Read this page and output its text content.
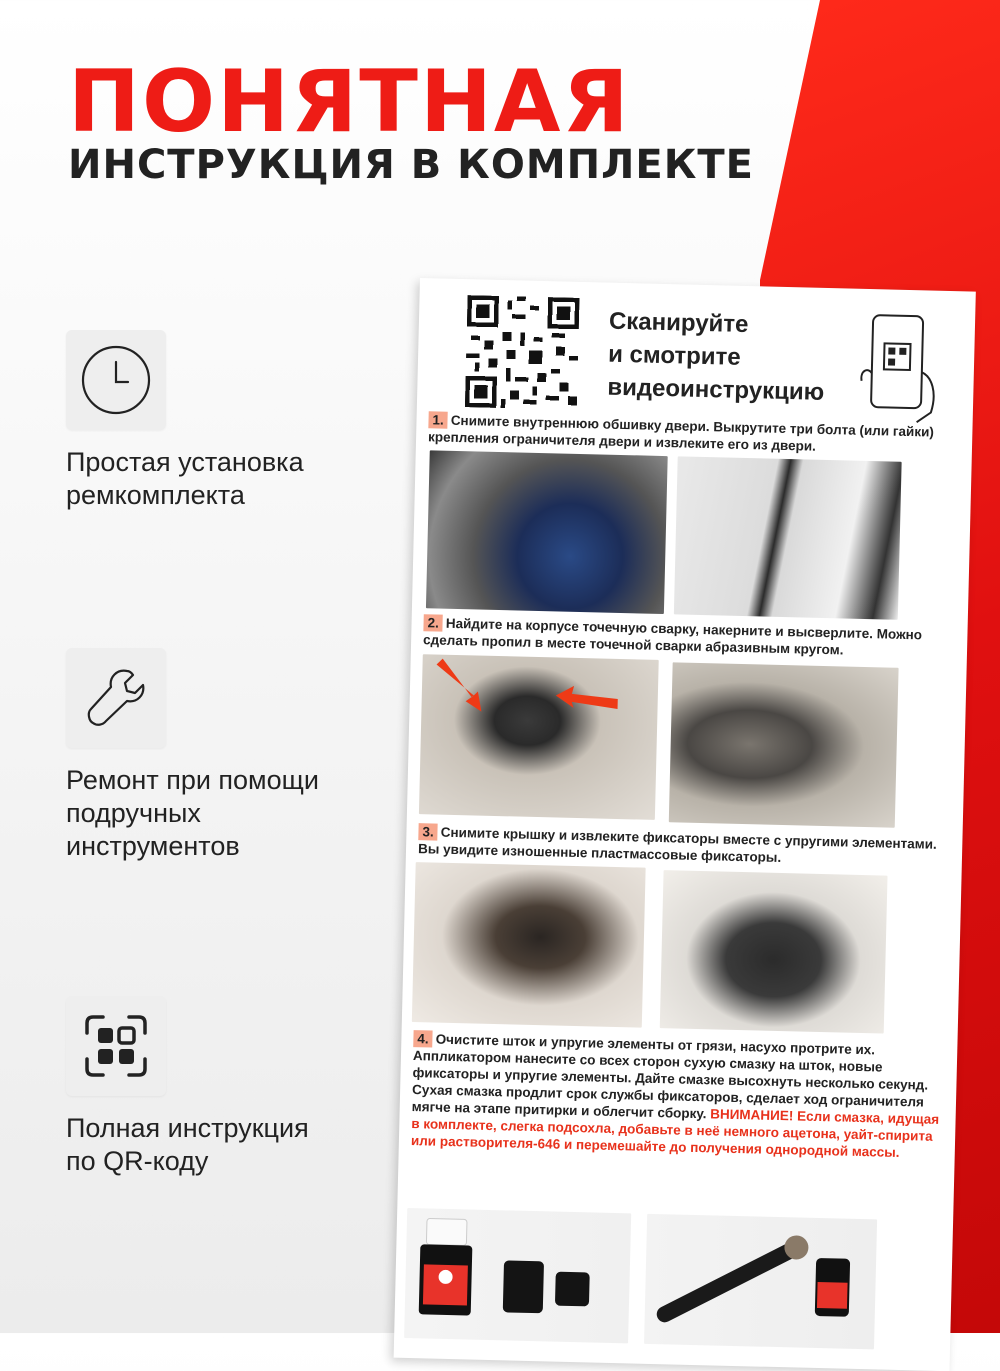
ПОНЯТНАЯ
ИНСТРУКЦИЯ В КОМПЛЕКТЕ
Простая установка
ремкомплекта
Ремонт при помощи
подручных
инструментов
Полная инструкция
по QR-коду
Сканируйте
и смотрите
видеоинструкцию
1. Снимите внутреннюю обшивку двери. Выкрутите три болта (или гайки) крепления ограничителя двери и извлеките его из двери.
2. Найдите на корпусе точечную сварку, накерните и высверлите. Можно сделать пропил в месте точечной сварки абразивным кругом.
3. Снимите крышку и извлеките фиксаторы вместе с упругими элементами. Вы увидите изношенные пластмассовые фиксаторы.
4. Очистите шток и упругие элементы от грязи, насухо протрите их. Аппликатором нанесите со всех сторон сухую смазку на шток, новые фиксаторы и упругие элементы. Дайте смазке высохнуть несколько секунд. Сухая смазка продлит срок службы фиксаторов, сделает ход ограничителя мягче на этапе притирки и облегчит сборку. ВНИМАНИЕ! Если смазка, идущая в комплекте, слегка подсохла, добавьте в неё немного ацетона, уайт-спирита или растворителя-646 и перемешайте до получения однородной массы.
